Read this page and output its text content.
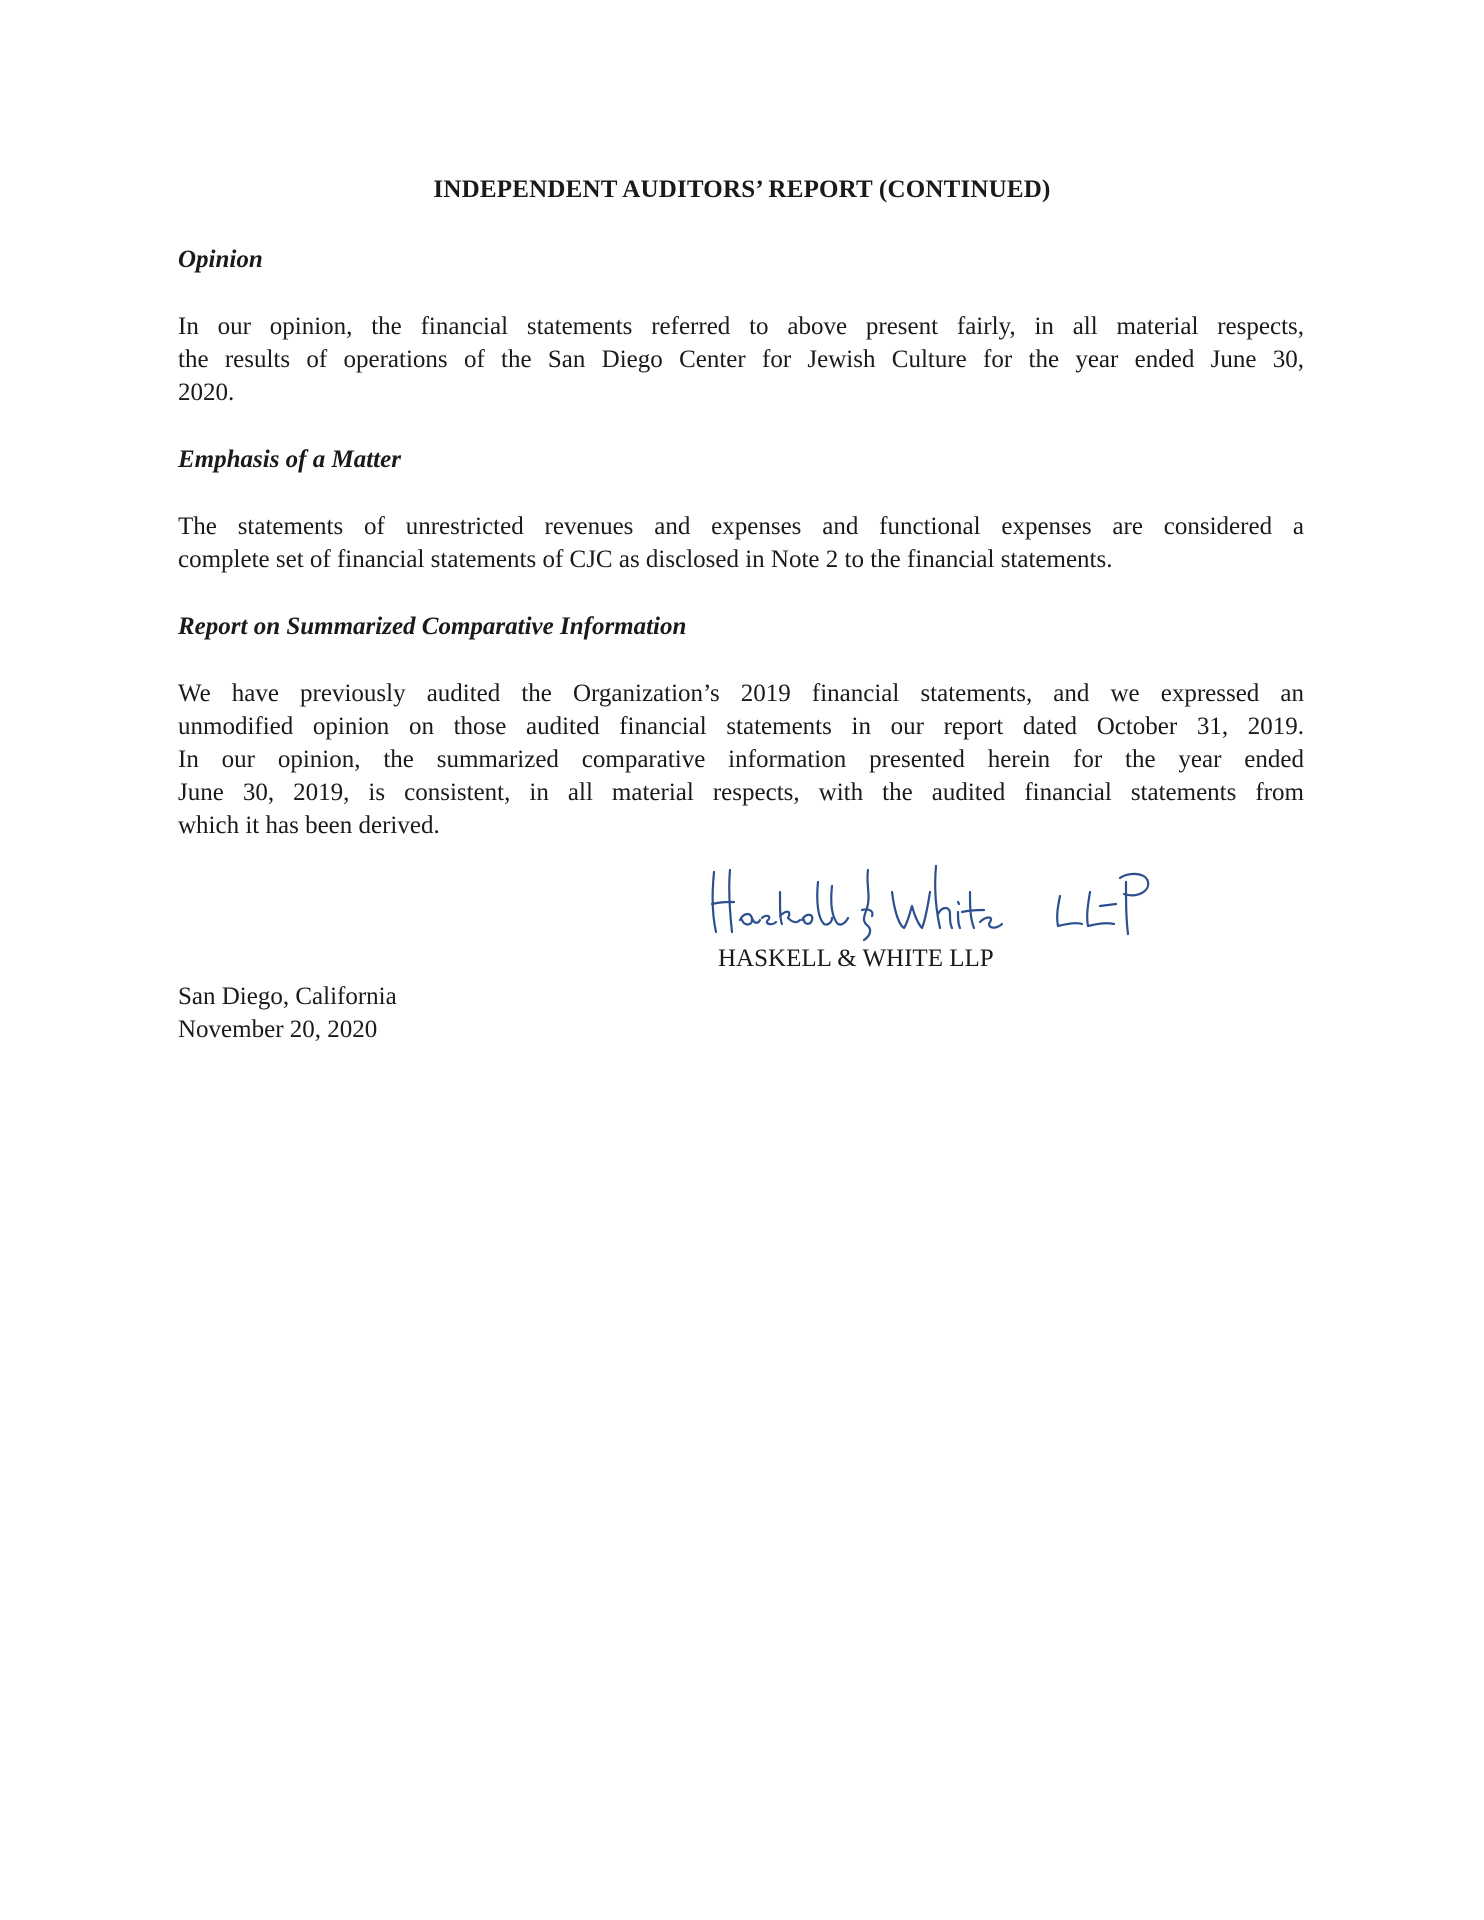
INDEPENDENT AUDITORS’ REPORT (CONTINUED)
Opinion
In our opinion, the financial statements referred to above present fairly, in all material respects,
the results of operations of the San Diego Center for Jewish Culture for the year ended June 30,
2020.
Emphasis of a Matter
The statements of unrestricted revenues and expenses and functional expenses are considered a
complete set of financial statements of CJC as disclosed in Note 2 to the financial statements.
Report on Summarized Comparative Information
We have previously audited the Organization’s 2019 financial statements, and we expressed an
unmodified opinion on those audited financial statements in our report dated October 31, 2019.
In our opinion, the summarized comparative information presented herein for the year ended
June 30, 2019, is consistent, in all material respects, with the audited financial statements from
which it has been derived.
HASKELL & WHITE LLP
San Diego, California
November 20, 2020
